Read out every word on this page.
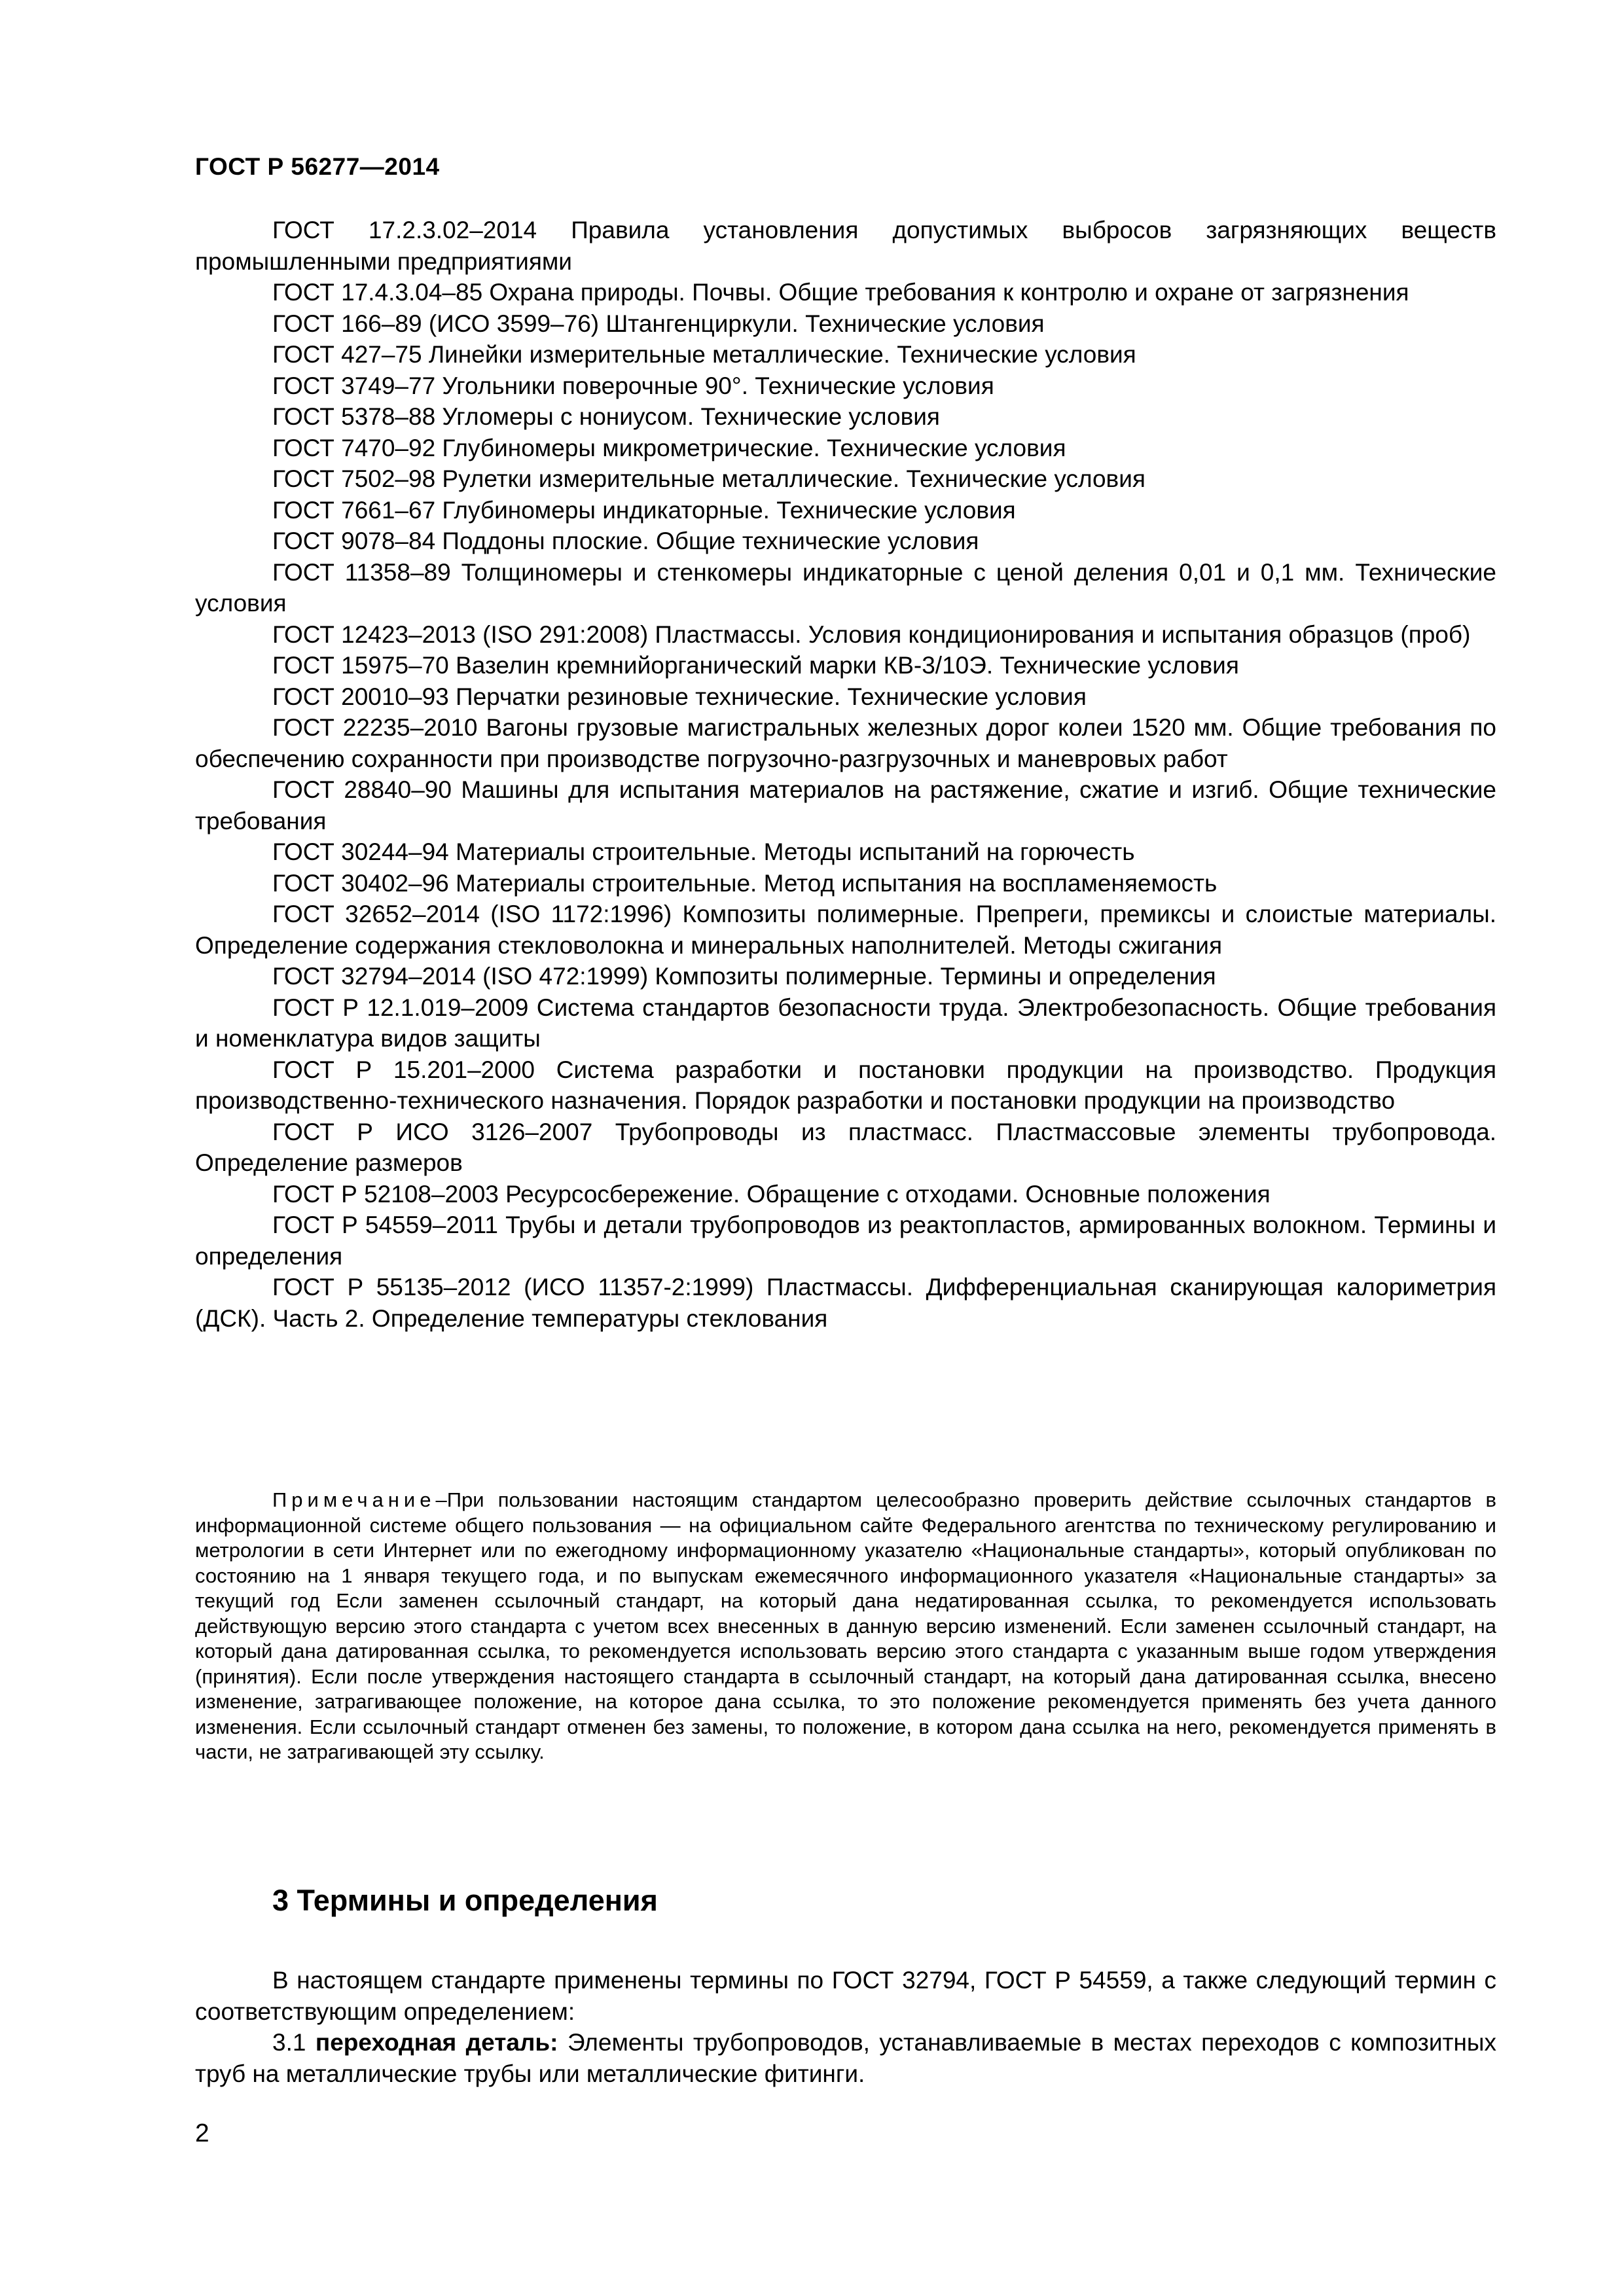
ГОСТ Р 56277—2014

ГОСТ 17.2.3.02–2014 Правила установления допустимых выбросов загрязняющих веществ промышленными предприятиями

ГОСТ 17.4.3.04–85 Охрана природы. Почвы. Общие требования к контролю и охране от загрязнения

ГОСТ 166–89 (ИСО 3599–76) Штангенциркули. Технические условия

ГОСТ 427–75 Линейки измерительные металлические. Технические условия

ГОСТ 3749–77 Угольники поверочные 90°. Технические условия

ГОСТ 5378–88 Угломеры с нониусом. Технические условия

ГОСТ 7470–92 Глубиномеры микрометрические. Технические условия

ГОСТ 7502–98 Рулетки измерительные металлические. Технические условия

ГОСТ 7661–67 Глубиномеры индикаторные. Технические условия

ГОСТ 9078–84 Поддоны плоские. Общие технические условия

ГОСТ 11358–89 Толщиномеры и стенкомеры индикаторные с ценой деления 0,01 и 0,1 мм. Технические условия

ГОСТ 12423–2013 (ISO 291:2008) Пластмассы. Условия кондиционирования и испытания образцов (проб)

ГОСТ 15975–70 Вазелин кремнийорганический марки КВ-3/10Э. Технические условия

ГОСТ 20010–93 Перчатки резиновые технические. Технические условия

ГОСТ 22235–2010 Вагоны грузовые магистральных железных дорог колеи 1520 мм. Общие требования по обеспечению сохранности при производстве погрузочно-разгрузочных и маневровых работ

ГОСТ 28840–90 Машины для испытания материалов на растяжение, сжатие и изгиб. Общие технические требования

ГОСТ 30244–94 Материалы строительные. Методы испытаний на горючесть

ГОСТ 30402–96 Материалы строительные. Метод испытания на воспламеняемость

ГОСТ 32652–2014 (ISO 1172:1996) Композиты полимерные. Препреги, премиксы и слоистые материалы. Определение содержания стекловолокна и минеральных наполнителей. Методы сжигания

ГОСТ 32794–2014 (ISO 472:1999) Композиты полимерные. Термины и определения

ГОСТ Р 12.1.019–2009 Система стандартов безопасности труда. Электробезопасность. Общие требования и номенклатура видов защиты

ГОСТ Р 15.201–2000 Система разработки и постановки продукции на производство. Продукция производственно-технического назначения. Порядок разработки и постановки продукции на производство

ГОСТ Р ИСО 3126–2007 Трубопроводы из пластмасс. Пластмассовые элементы трубопровода. Определение размеров

ГОСТ Р 52108–2003 Ресурсосбережение. Обращение с отходами. Основные положения

ГОСТ Р 54559–2011 Трубы и детали трубопроводов из реактопластов, армированных волокном. Термины и определения

ГОСТ Р 55135–2012 (ИСО 11357-2:1999) Пластмассы. Дифференциальная сканирующая калориметрия (ДСК). Часть 2. Определение температуры стеклования

Примечание–При пользовании настоящим стандартом целесообразно проверить действие ссылочных стандартов в информационной системе общего пользования — на официальном сайте Федерального агентства по техническому регулированию и метрологии в сети Интернет или по ежегодному информационному указателю «Национальные стандарты», который опубликован по состоянию на 1 января текущего года, и по выпускам ежемесячного информационного указателя «Национальные стандарты» за текущий год Если заменен ссылочный стандарт, на который дана недатированная ссылка, то рекомендуется использовать действующую версию этого стандарта с учетом всех внесенных в данную версию изменений. Если заменен ссылочный стандарт, на который дана датированная ссылка, то рекомендуется использовать версию этого стандарта с указанным выше годом утверждения (принятия). Если после утверждения настоящего стандарта в ссылочный стандарт, на который дана датированная ссылка, внесено изменение, затрагивающее положение, на которое дана ссылка, то это положение рекомендуется применять без учета данного изменения. Если ссылочный стандарт отменен без замены, то положение, в котором дана ссылка на него, рекомендуется применять в части, не затрагивающей эту ссылку.

3 Термины и определения

В настоящем стандарте применены термины по ГОСТ 32794, ГОСТ Р 54559, а также следующий термин с соответствующим определением:

3.1 переходная деталь: Элементы трубопроводов, устанавливаемые в местах переходов с композитных труб на металлические трубы или металлические фитинги.

2
